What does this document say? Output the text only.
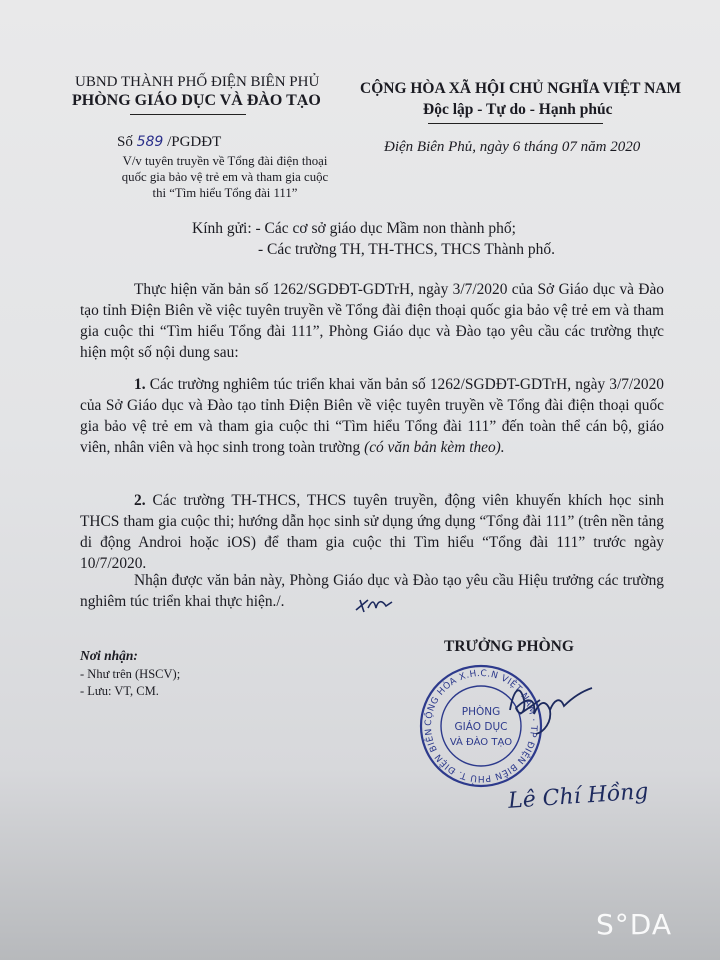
UBND THÀNH PHỐ ĐIỆN BIÊN PHỦ
PHÒNG GIÁO DỤC VÀ ĐÀO TẠO
CỘNG HÒA XÃ HỘI CHỦ NGHĨA VIỆT NAM
Độc lập - Tự do - Hạnh phúc
Số 589 /PGDĐT	Điện Biên Phủ, ngày 6 tháng 07 năm 2020
V/v tuyên truyền về Tổng đài điện thoại
quốc gia bảo vệ trẻ em và tham gia cuộc
thi “Tìm hiểu Tổng đài 111”
Kính gửi: - Các cơ sở giáo dục Mầm non thành phố;
- Các trường TH, TH-THCS, THCS Thành phố.
Thực hiện văn bản số 1262/SGDĐT-GDTrH, ngày 3/7/2020 của Sở Giáo dục và Đào tạo tỉnh Điện Biên về việc tuyên truyền về Tổng đài điện thoại quốc gia bảo vệ trẻ em và tham gia cuộc thi “Tìm hiểu Tổng đài 111”, Phòng Giáo dục và Đào tạo yêu cầu các trường thực hiện một số nội dung sau:
1. Các trường nghiêm túc triển khai văn bản số 1262/SGDĐT-GDTrH, ngày 3/7/2020 của Sở Giáo dục và Đào tạo tỉnh Điện Biên về việc tuyên truyền về Tổng đài điện thoại quốc gia bảo vệ trẻ em và tham gia cuộc thi “Tìm hiểu Tổng đài 111” đến toàn thể cán bộ, giáo viên, nhân viên và học sinh trong toàn trường (có văn bản kèm theo).
2. Các trường TH-THCS, THCS tuyên truyền, động viên khuyến khích học sinh THCS tham gia cuộc thi; hướng dẫn học sinh sử dụng ứng dụng “Tổng đài 111” (trên nền tảng di động Androi hoặc iOS) để tham gia cuộc thi Tìm hiểu “Tổng đài 111” trước ngày 10/7/2020.
Nhận được văn bản này, Phòng Giáo dục và Đào tạo yêu cầu Hiệu trưởng các trường nghiêm túc triển khai thực hiện./.
Nơi nhận:
- Như trên (HSCV);
- Lưu: VT, CM.
TRƯỞNG PHÒNG
CỘNG HÒA X.H.C.N VIỆT NAM · TP ĐIỆN BIÊN PHỦ T. ĐIỆN BIÊN
PHÒNG
GIÁO DỤC
VÀ ĐÀO TẠO
Lê Chí Hồng
S°DA
